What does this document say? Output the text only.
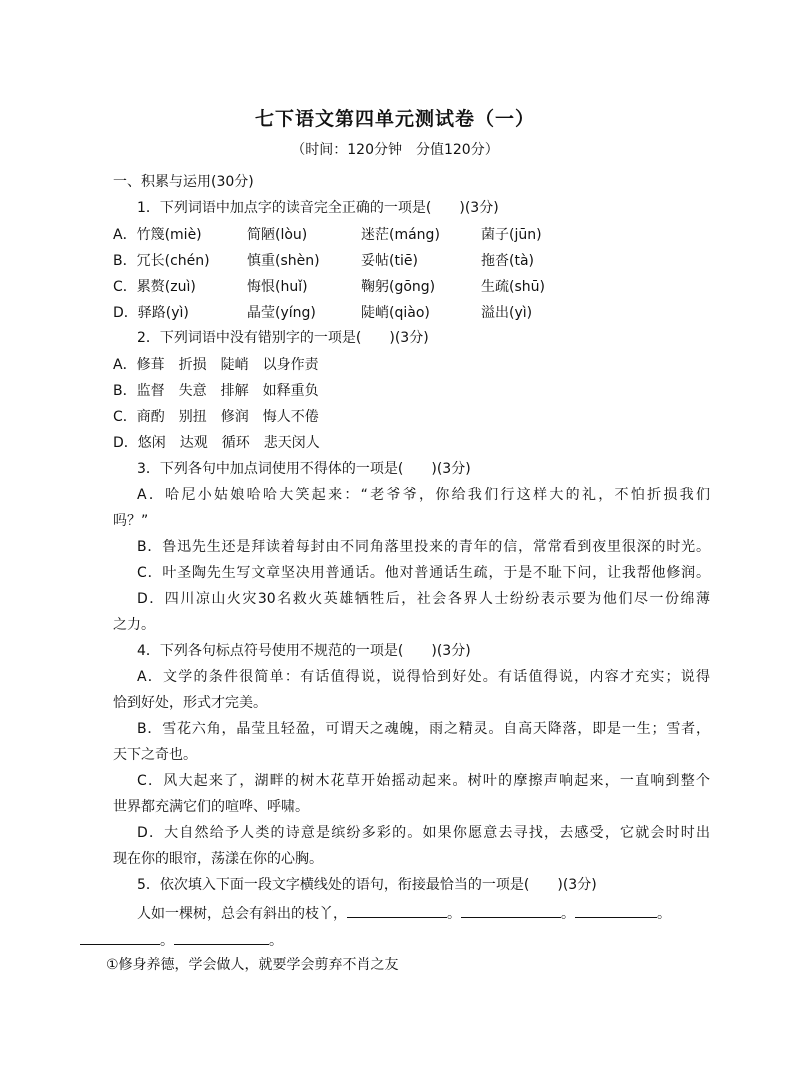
七下语文第四单元测试卷（一）
（时间：120分钟　分值120分）
一、积累与运用(30分)
1．下列词语中加点字的读音完全正确的一项是(　　)(3分)
A．竹篾(miè)	简陋(lòu)	迷茫(máng)	菌子(jūn)
B．冗长(chén)	慎重(shèn)	妥帖(tiē)	拖沓(tà)
C．累赘(zuì)	悔恨(huǐ)	鞠躬(gōng)	生疏(shū)
D．驿路(yì)	晶莹(yíng)	陡峭(qiào)	溢出(yì)
2．下列词语中没有错别字的一项是(　　)(3分)
A．修葺　折损　陡峭　以身作责
B．监督　失意　排解　如释重负
C．商酌　别扭　修润　悔人不倦
D．悠闲　达观　循环　悲天闵人
3．下列各句中加点词使用不得体的一项是(　　)(3分)
A．哈尼小姑娘哈哈大笑起来：“老爷爷，你给我们行这样大的礼，不怕折损我们
吗？”
B．鲁迅先生还是拜读着每封由不同角落里投来的青年的信，常常看到夜里很深的时光。
C．叶圣陶先生写文章坚决用普通话。他对普通话生疏，于是不耻下问，让我帮他修润。
D．四川凉山火灾30名救火英雄牺牲后，社会各界人士纷纷表示要为他们尽一份绵薄
之力。
4．下列各句标点符号使用不规范的一项是(　　)(3分)
A．文学的条件很简单：有话值得说，说得恰到好处。有话值得说，内容才充实；说得
恰到好处，形式才完美。
B．雪花六角，晶莹且轻盈，可谓天之魂魄，雨之精灵。自高天降落，即是一生；雪者，
天下之奇也。
C．风大起来了，湖畔的树木花草开始摇动起来。树叶的摩擦声响起来，一直响到整个
世界都充满它们的喧哗、呼啸。
D．大自然给予人类的诗意是缤纷多彩的。如果你愿意去寻找，去感受，它就会时时出
现在你的眼帘，荡漾在你的心胸。
5．依次填入下面一段文字横线处的语句，衔接最恰当的一项是(　　)(3分)
人如一棵树，总会有斜出的枝丫，	。	。	。
。	。
①修身养德，学会做人，就要学会剪弃不肖之友
